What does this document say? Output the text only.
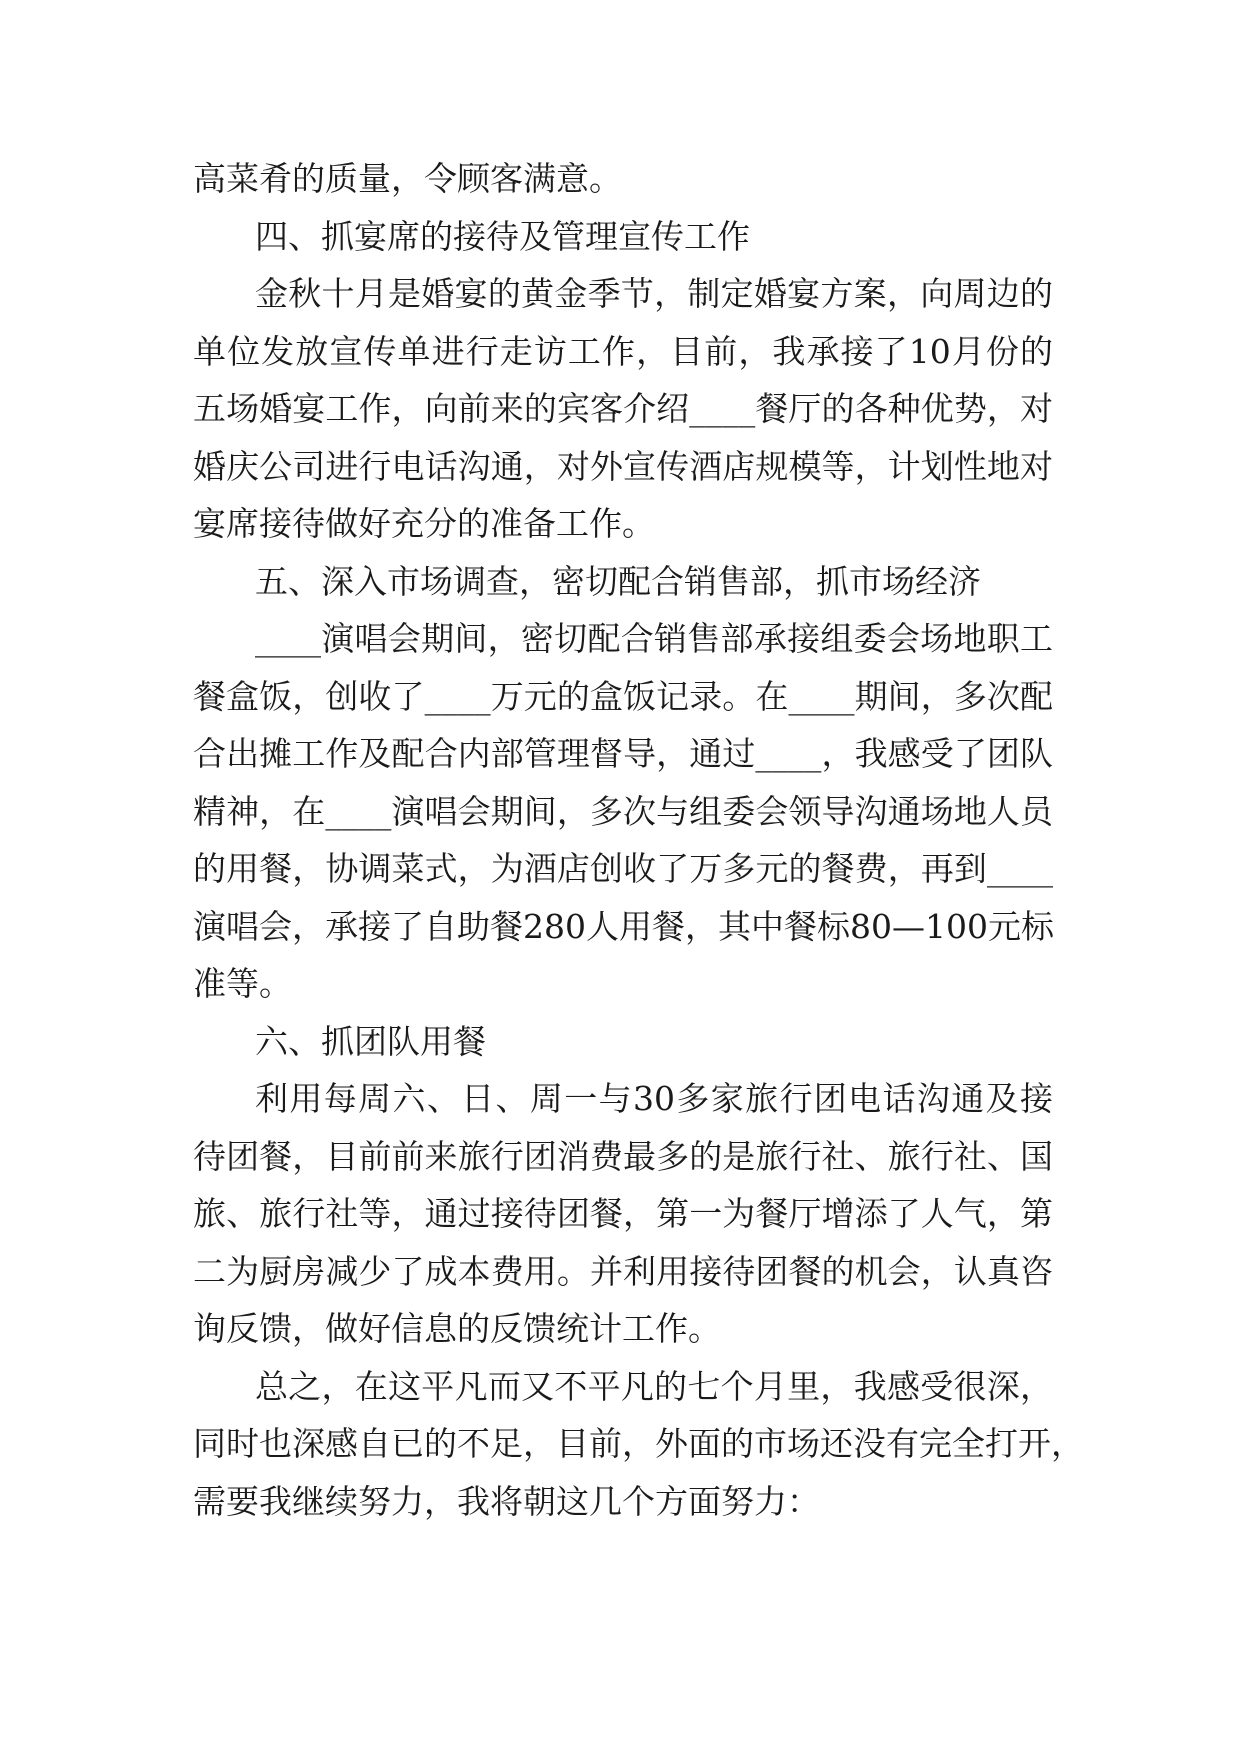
高菜肴的质量，令顾客满意。
四、抓宴席的接待及管理宣传工作
金秋十月是婚宴的黄金季节，制定婚宴方案，向周边的
单位发放宣传单进行走访工作，目前，我承接了10月份的
五场婚宴工作，向前来的宾客介绍____餐厅的各种优势，对
婚庆公司进行电话沟通，对外宣传酒店规模等，计划性地对
宴席接待做好充分的准备工作。
五、深入市场调查，密切配合销售部，抓市场经济
____演唱会期间，密切配合销售部承接组委会场地职工
餐盒饭，创收了____万元的盒饭记录。在____期间，多次配
合出摊工作及配合内部管理督导，通过____，我感受了团队
精神，在____演唱会期间，多次与组委会领导沟通场地人员
的用餐，协调菜式，为酒店创收了万多元的餐费，再到____
演唱会，承接了自助餐280人用餐，其中餐标80—100元标
准等。
六、抓团队用餐
利用每周六、日、周一与30多家旅行团电话沟通及接
待团餐，目前前来旅行团消费最多的是旅行社、旅行社、国
旅、旅行社等，通过接待团餐，第一为餐厅增添了人气，第
二为厨房减少了成本费用。并利用接待团餐的机会，认真咨
询反馈，做好信息的反馈统计工作。
总之，在这平凡而又不平凡的七个月里，我感受很深，
同时也深感自已的不足，目前，外面的市场还没有完全打开，
需要我继续努力，我将朝这几个方面努力：
